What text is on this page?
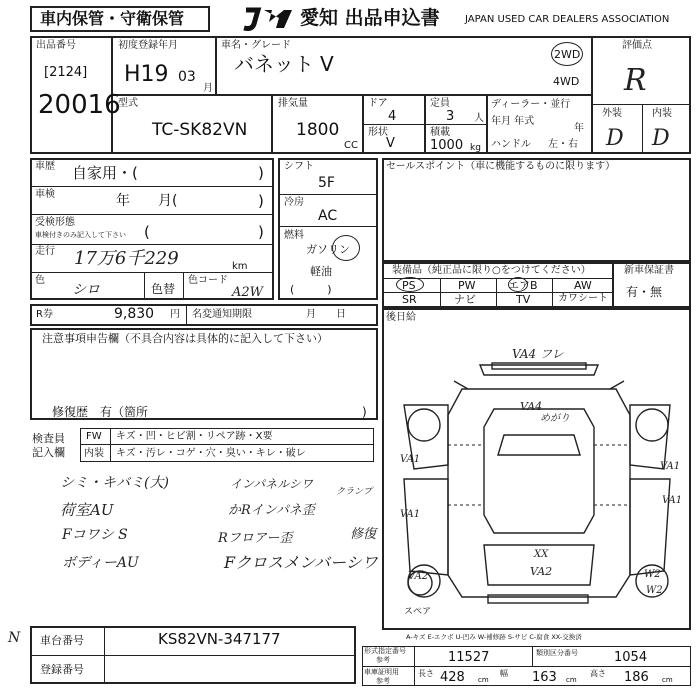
車内保管・守衛保管	愛知 出品申込書	JAPAN USED CAR DEALERS ASSOCIATION
出品番号
[2124]
20016
初度登録年月
H19 03
月
車名・グレード
バネット V	2WD
4WD
評価点
R
外装	内装
D D
型式
TC-SK82VN
排気量
1800
CC
ドア
4
定員
3 人
形状
V
積載
1000 kg
ディーラー・並行
年月 年式
年
ハンドル 左・右
車歴 自家用・(	)
車検	年　　月(	)
受検形態
車検付きのみ記入して下さい (	)
走行 17万6千229	km
色
シロ	色替
色コード
A2W
シフト
5F
冷房
AC
燃料
ガソリン
軽油
(　　　)
セールスポイント（車に機能するものに限ります）
装備品（純正品に限り○をつけてください）	新車保証書
有・無
PS	PW	エアB	AW
SR	ナビ	TV	カワシート
R券	9,830 円 名変通知期限	月　　日	後日給
注意事項申告欄（不具合内容は具体的に記入して下さい）
修復歴　有（箇所	)
検査員
記入欄
FW キズ・凹・ヒビ割・リペア跡・X要
内装 キズ・汚レ・コゲ・穴・臭い・キレ・破レ
シミ・キバミ(大)
荷室AU
Fコワシ S
ボディーAU
インパネルシワ
クランプ
かRインパネ歪
Rフロアー歪	修復
Fクロスメンバーシワ
VA4 フレ
VA4
めがり
VA1
VA1
VA2
VA1
VA1
VA2
XX
W2
W2
スペア
N 車台番号	KS82VN-347177
登録番号
A-キズ E-エクボ U-凹み W-補修跡 S-サビ C-腐食 XX-交換済
形式指定番号
参考	11527	類別区分番号	1054
車庫証明用
参考
長さ 428 cm
幅 163 cm
高さ 186 cm
